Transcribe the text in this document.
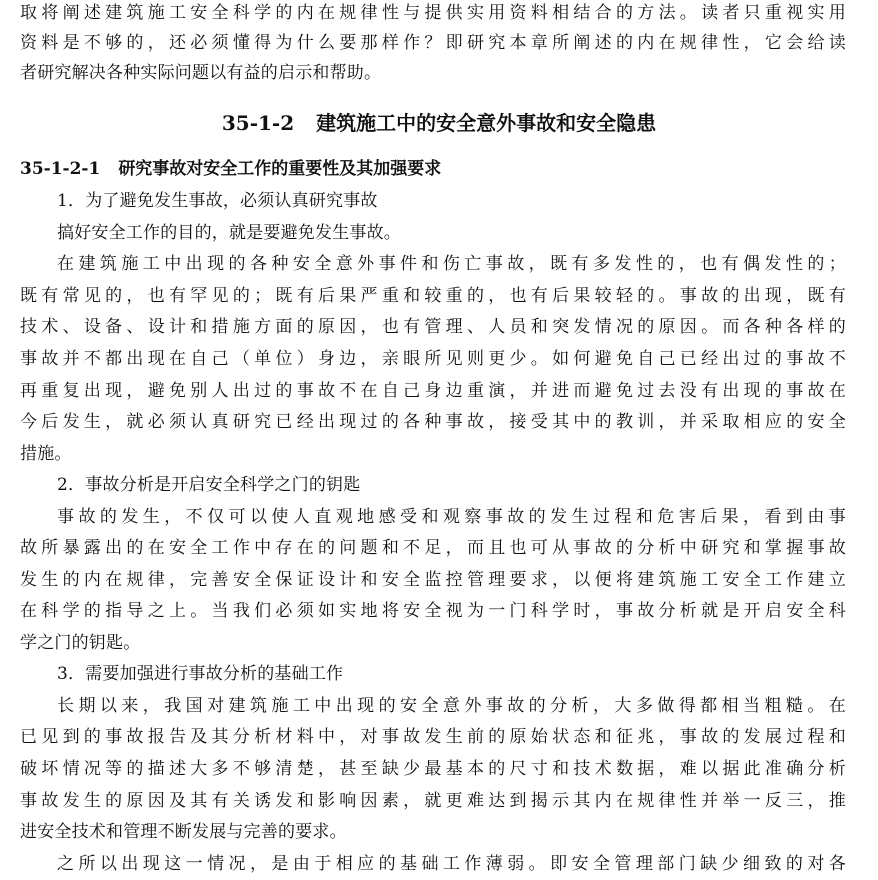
取将阐述建筑施工安全科学的内在规律性与提供实用资料相结合的方法。读者只重视实用
资料是不够的，还必须懂得为什么要那样作？即研究本章所阐述的内在规律性，它会给读
者研究解决各种实际问题以有益的启示和帮助。
35-1-2 建筑施工中的安全意外事故和安全隐患
35-1-2-1 研究事故对安全工作的重要性及其加强要求
1．为了避免发生事故，必须认真研究事故
搞好安全工作的目的，就是要避免发生事故。
在建筑施工中出现的各种安全意外事件和伤亡事故，既有多发性的，也有偶发性的；
既有常见的，也有罕见的；既有后果严重和较重的，也有后果较轻的。事故的出现，既有
技术、设备、设计和措施方面的原因，也有管理、人员和突发情况的原因。而各种各样的
事故并不都出现在自己（单位）身边，亲眼所见则更少。如何避免自己已经出过的事故不
再重复出现，避免别人出过的事故不在自己身边重演，并进而避免过去没有出现的事故在
今后发生，就必须认真研究已经出现过的各种事故，接受其中的教训，并采取相应的安全
措施。
2．事故分析是开启安全科学之门的钥匙
事故的发生，不仅可以使人直观地感受和观察事故的发生过程和危害后果，看到由事
故所暴露出的在安全工作中存在的问题和不足，而且也可从事故的分析中研究和掌握事故
发生的内在规律，完善安全保证设计和安全监控管理要求，以便将建筑施工安全工作建立
在科学的指导之上。当我们必须如实地将安全视为一门科学时，事故分析就是开启安全科
学之门的钥匙。
3．需要加强进行事故分析的基础工作
长期以来，我国对建筑施工中出现的安全意外事故的分析，大多做得都相当粗糙。在
已见到的事故报告及其分析材料中，对事故发生前的原始状态和征兆，事故的发展过程和
破坏情况等的描述大多不够清楚，甚至缺少最基本的尺寸和技术数据，难以据此准确分析
事故发生的原因及其有关诱发和影响因素，就更难达到揭示其内在规律性并举一反三，推
进安全技术和管理不断发展与完善的要求。
之所以出现这一情况，是由于相应的基础工作薄弱。即安全管理部门缺少细致的对各
